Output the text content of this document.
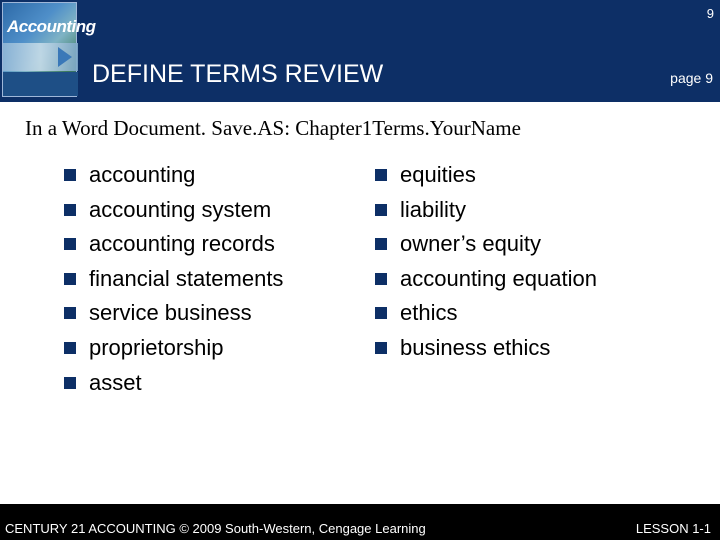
Accounting
9
DEFINE TERMS REVIEW	page 9
In a Word Document. Save.AS: Chapter1Terms.YourName
accounting
accounting system
accounting records
financial statements
service business
proprietorship
asset
equities
liability
owner’s equity
accounting equation
ethics
business ethics
CENTURY 21 ACCOUNTING © 2009 South-Western, Cengage Learning	LESSON 1-1
